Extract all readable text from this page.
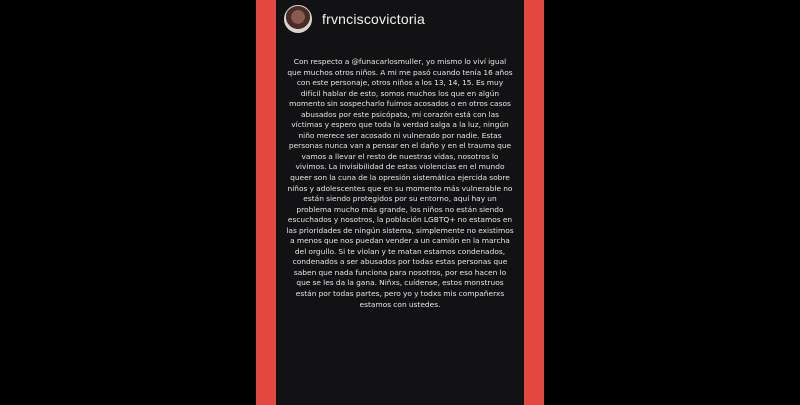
frvnciscovictoria
Con respecto a @funacarlosmuller, yo mismo lo viví igual que muchos otros niños. A mi me pasó cuando tenía 16 años con este personaje, otros niños a los 13, 14, 15. Es muy difícil hablar de esto, somos muchos los que en algún momento sin sospecharlo fuimos acosados o en otros casos abusados por este psicópata, mi corazón está con las víctimas y espero que toda la verdad salga a la luz, ningún niño merece ser acosado ni vulnerado por nadie. Estas personas nunca van a pensar en el daño y en el trauma que vamos a llevar el resto de nuestras vidas, nosotros lo vivimos. La invisibilidad de estas violencias en el mundo queer son la cuna de la opresión sistemática ejercida sobre niños y adolescentes que en su momento más vulnerable no están siendo protegidos por su entorno, aquí hay un problema mucho más grande, los niños no están siendo escuchados y nosotros, la población LGBTQ+ no estamos en las prioridades de ningún sistema, simplemente no existimos a menos que nos puedan vender a un camión en la marcha del orgullo. Si te violan y te matan estamos condenados, condenados a ser abusados por todas estas personas que saben que nada funciona para nosotros, por eso hacen lo que se les da la gana. Niñxs, cuídense, estos monstruos están por todas partes, pero yo y todxs mis compañerxs estamos con ustedes.
